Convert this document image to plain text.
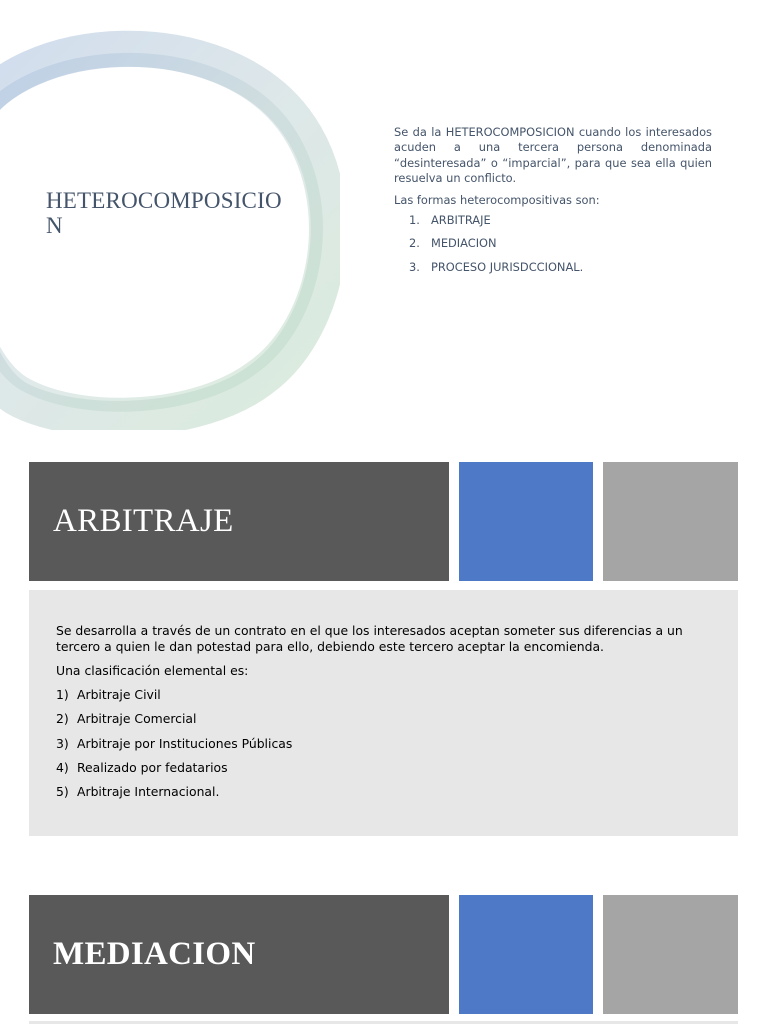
HETEROCOMPOSICION

Se da la HETEROCOMPOSICION cuando los interesados acuden a una tercera persona denominada “desinteresada” o “imparcial”, para que sea ella quien resuelva un conflicto.

Las formas heterocompositivas son:

1. ARBITRAJE
2. MEDIACION
3. PROCESO JURISDCCIONAL.
ARBITRAJE

Se desarrolla a través de un contrato en el que los interesados aceptan someter sus diferencias a un tercero a quien le dan potestad para ello, debiendo este tercero aceptar la encomienda.

Una clasificación elemental es:

1) Arbitraje Civil
2) Arbitraje Comercial
3) Arbitraje por Instituciones Públicas
4) Realizado por fedatarios
5) Arbitraje Internacional.
MEDIACION
